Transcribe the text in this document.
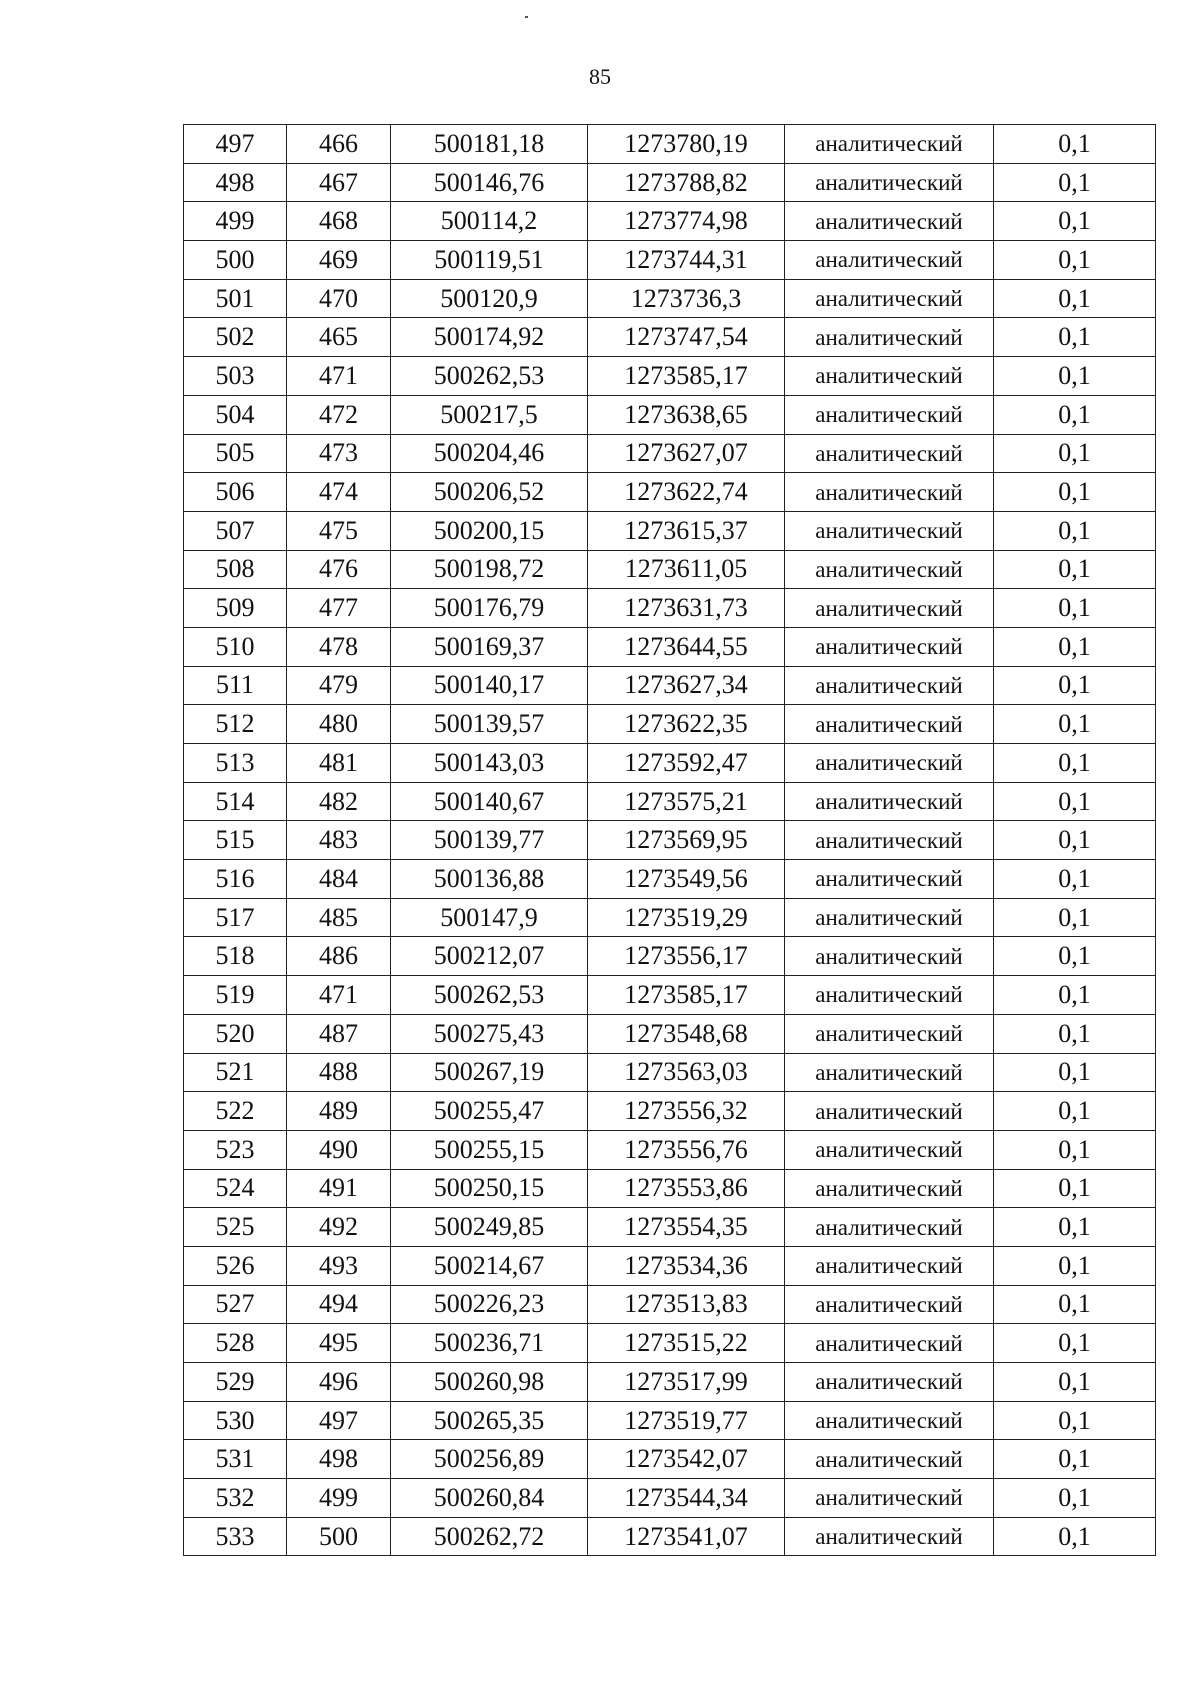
85
497	466	500181,18	1273780,19	аналитический	0,1
498	467	500146,76	1273788,82	аналитический	0,1
499	468	500114,2	1273774,98	аналитический	0,1
500	469	500119,51	1273744,31	аналитический	0,1
501	470	500120,9	1273736,3	аналитический	0,1
502	465	500174,92	1273747,54	аналитический	0,1
503	471	500262,53	1273585,17	аналитический	0,1
504	472	500217,5	1273638,65	аналитический	0,1
505	473	500204,46	1273627,07	аналитический	0,1
506	474	500206,52	1273622,74	аналитический	0,1
507	475	500200,15	1273615,37	аналитический	0,1
508	476	500198,72	1273611,05	аналитический	0,1
509	477	500176,79	1273631,73	аналитический	0,1
510	478	500169,37	1273644,55	аналитический	0,1
511	479	500140,17	1273627,34	аналитический	0,1
512	480	500139,57	1273622,35	аналитический	0,1
513	481	500143,03	1273592,47	аналитический	0,1
514	482	500140,67	1273575,21	аналитический	0,1
515	483	500139,77	1273569,95	аналитический	0,1
516	484	500136,88	1273549,56	аналитический	0,1
517	485	500147,9	1273519,29	аналитический	0,1
518	486	500212,07	1273556,17	аналитический	0,1
519	471	500262,53	1273585,17	аналитический	0,1
520	487	500275,43	1273548,68	аналитический	0,1
521	488	500267,19	1273563,03	аналитический	0,1
522	489	500255,47	1273556,32	аналитический	0,1
523	490	500255,15	1273556,76	аналитический	0,1
524	491	500250,15	1273553,86	аналитический	0,1
525	492	500249,85	1273554,35	аналитический	0,1
526	493	500214,67	1273534,36	аналитический	0,1
527	494	500226,23	1273513,83	аналитический	0,1
528	495	500236,71	1273515,22	аналитический	0,1
529	496	500260,98	1273517,99	аналитический	0,1
530	497	500265,35	1273519,77	аналитический	0,1
531	498	500256,89	1273542,07	аналитический	0,1
532	499	500260,84	1273544,34	аналитический	0,1
533	500	500262,72	1273541,07	аналитический	0,1
